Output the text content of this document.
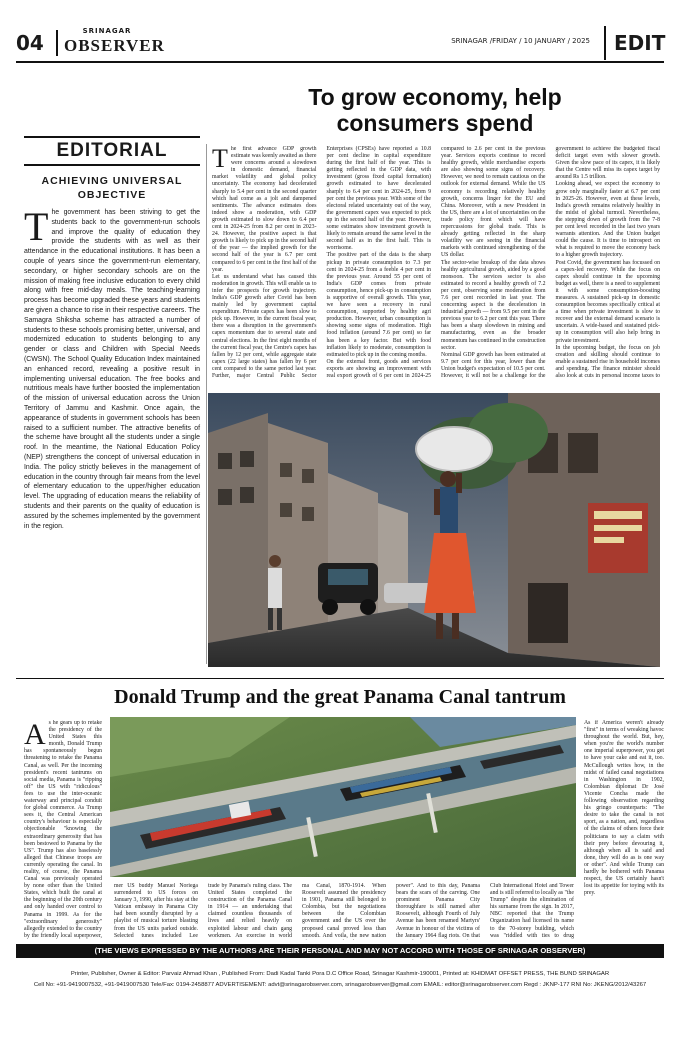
04	SRINAGAR
OBSERVER	SRINAGAR /FRIDAY / 10 JANUARY / 2025	EDIT
To grow economy, help consumers spend
EDITORIAL
ACHIEVING UNIVERSAL OBJECTIVE
The government has been striving to get the students back to the government-run schools and improve the quality of education they provide the students with as well as their attendance in the educational institutions. It has been a couple of years since the government-run elementary, secondary, or higher secondary schools are on the mission of making free inclusive education to every child along with free mid-day meals. The teaching-learning process has become upgraded these years and students are given a chance to rise in their respective careers. The Samagra Shiksha scheme has attracted a number of students to these schools promising better, universal, and modernized education to students belonging to any gender or class and Children with Special Needs (CWSN). The School Quality Education Index maintained an enhanced record, revealing a positive result in implementing universal education. The free books and nutritious meals have further boosted the implementation of the mission of universal education across the Union Territory of Jammu and Kashmir. Once again, the appearance of students in government schools has been raised to a sufficient number. The attractive benefits of the scheme have brought all the students under a single roof. In the meantime, the National Education Policy (NEP) strengthens the concept of universal education in India. The policy strictly believes in the management of education in the country through fair means from the level of elementary education to the upper/higher education level. The upgrading of education means the reliability of students and their parents on the quality of education is assured by the schemes implemented by the government in the region.

The first advance GDP growth estimate was keenly awaited as there were concerns around a slowdown in domestic demand, financial market volatility and global policy uncertainty. The economy had decelerated sharply to 5.4 per cent in the second quarter which had come as a jolt and dampened sentiments. The advance estimates does indeed show a moderation, with GDP growth estimated to slow down to 6.4 per cent in 2024-25 from 8.2 per cent in 2023-24. However, the positive aspect is that growth is likely to pick up in the second half of the year — the implied growth for the second half of the year is 6.7 per cent compared to 6 per cent in the first half of the year.

Let us understand what has caused this moderation in growth. This will enable us to infer the prospects for growth trajectory. India's GDP growth after Covid has been mainly led by government capital expenditure. Private capex has been slow to pick up. However, in the current fiscal year, there was a disruption in the government's capex momentum due to several state and central elections. In the first eight months of the current fiscal year, the Centre's capex has fallen by 12 per cent, while aggregate state capex (22 large states) has fallen by 6 per cent compared to the same period last year. Further, major Central Public Sector Enterprises (CPSEs) have reported a 10.8 per cent decline in capital expenditure during the first half of the year. This is getting reflected in the GDP data, with investment (gross fixed capital formation) growth estimated to have decelerated sharply to 6.4 per cent in 2024-25, from 9 per cent the previous year. With some of the electoral related uncertainty out of the way, the government capex was expected to pick up in the second half of the year. However, some estimates show investment growth is likely to remain around the same level in the second half as in the first half. This is worrisome.

The positive part of the data is the sharp pickup in private consumption to 7.3 per cent in 2024-25 from a feeble 4 per cent in the previous year. Around 55 per cent of India's GDP comes from private consumption, hence pick-up in consumption is supportive of overall growth. This year, we have seen a recovery in rural consumption, supported by healthy agri production. However, urban consumption is showing some signs of moderation. High food inflation (around 7.6 per cent) so far has been a key factor. But with food inflation likely to moderate, consumption is estimated to pick up in the coming months.

On the external front, goods and services exports are showing an improvement with real export growth of 6 per cent in 2024-25 compared to 2.6 per cent in the previous year. Services exports continue to record healthy growth, while merchandise exports are also showing some signs of recovery. However, we need to remain cautious on the outlook for external demand. While the US economy is recording relatively healthy growth, concerns linger for the EU and China. Moreover, with a new President in the US, there are a lot of uncertainties on the trade policy front which will have repercussions for global trade. This is already getting reflected in the sharp volatility we are seeing in the financial markets with continued strengthening of the US dollar.

The sector-wise breakup of the data shows healthy agricultural growth, aided by a good monsoon. The services sector is also estimated to record a healthy growth of 7.2 per cent, observing some moderation from 7.6 per cent recorded in last year. The concerning aspect is the deceleration in industrial growth — from 9.5 per cent in the previous year to 6.2 per cent this year. There has been a sharp slowdown in mining and manufacturing, even as the broader momentum has continued in the construction sector.

Nominal GDP growth has been estimated at 9.7 per cent for this year, lower than the Union budget's expectation of 10.5 per cent. However, it will not be a challenge for the government to achieve the budgeted fiscal deficit target even with slower growth. Given the slow pace of its capex, it is likely that the Centre will miss its capex target by around Rs 1.5 trillion.

Looking ahead, we expect the economy to grow only marginally faster at 6.7 per cent in 2025-26. However, even at these levels, India's growth remains relatively healthy in the midst of global turmoil. Nevertheless, the stepping down of growth from the 7-8 per cent level recorded in the last two years warrants attention. And the Union budget could the cause. It is time to introspect on what is required to move the economy back to a higher growth trajectory.

Post Covid, the government has focussed on a capex-led recovery. While the focus on capex should continue in the upcoming budget as well, there is a need to supplement it with some consumption-boosting measures. A sustained pick-up in domestic consumption becomes specifically critical at a time when private investment is slow to recover and the external demand scenario is uncertain. A wide-based and sustained pick-up in consumption will also help bring in private investment.

In the upcoming budget, the focus on job creation and skilling should continue to enable a sustained rise in household incomes and spending. The finance minister should also look at cuts in personal income taxes to

Donald Trump and the great Panama Canal tantrum

As he gears up to retake the presidency of the United States this month, Donald Trump has spontaneously begun threatening to retake the Panama Canal, as well. Per the incoming president's recent tantrums on social media, Panama is "ripping off" the US with "ridiculous" fees to use the inter-oceanic waterway and principal conduit for global commerce. As Trump sees it, the Central American country's behaviour is especially objectionable "knowing the extraordinary generosity that has been bestowed to Panama by the US". Trump has also baselessly alleged that Chinese troops are currently operating the canal. In reality, of course, the Panama Canal was previously operated by none other than the United States, which built the canal at the beginning of the 20th century and only handed over control to Panama in 1999. As for the "extraordinary generosity" allegedly extended to the country by the friendly local superpower,

mer US buddy Manuel Noriega surrendered to US forces on January 3, 1990, after his stay at the Vatican embassy in Panama City had been soundly disrupted by a playlist of musical torture blasting from the US units parked outside. Selected tunes included Lee

trade by Panama's ruling class. The United States completed the construction of the Panama Canal in 1914 — an undertaking that claimed countless thousands of lives and relied heavily on exploited labour and chain gang workmen. An exercise in world

ma Canal, 1870-1914. When Roosevelt assumed the presidency in 1901, Panama still belonged to Colombia, but the negotiations between the Colombian government and the US over the proposed canal proved less than smooth. And voila, the new nation

power". And to this day, Panama bears the scars of the carving. One prominent Panama City thoroughfare is still named after Roosevelt, although Fourth of July Avenue has been renamed Martyrs' Avenue in honour of the victims of the January 1964 flag riots. On that

Club International Hotel and Tower and is still referred to locally as "the Trump" despite the elimination of his surname from the sign. In 2017, NBC reported that the Trump Organization had licensed its name to the 70-storey building, which was "riddled with ties to drug

As if America weren't already "first" in terms of wreaking havoc throughout the world. But, hey, when you're the world's number one imperial superpower, you get to have your cake and eat it, too. McCullough writes how, in the midst of failed canal negotiations in Washington in 1902, Colombian diplomat Dr José Vicente Concha made the following observation regarding his gringo counterparts: "The desire to take the canal is not sport, as a nation, and, regardless of the claims of others force their politicians to say a claim with their prey before devouring it, although when all is said and done, they will do as is one way or other". And while Trump can hardly be bothered with Panama respect, the US certainly hasn't lost its appetite for toying with its prey.

(THE VIEWS EXPRESSED BY THE AUTHORS ARE THEIR PERSONAL AND MAY NOT ACCORD WITH THOSE OF SRINAGAR OBSERVER)
Printer, Publisher, Owner & Editor: Parvaiz Ahmad Khan , Published From: Dadi Kadal Tanki Pora D.C Office Road, Srinagar Kashmir-190001, Printed at: KHIDMAT OFFSET PRESS, THE BUND SRINAGAR
Cell No: +91-9419007532, +91-9419007530 Tele/Fax: 0194-2458877 ADVERTISEMENT: advt@srinagarobserver.com, srinagarobserver@gmail.com EMAIL: editor@srinagarobserver.com Regd : JKNP-177 RNI No: JKENG/2012/43267
